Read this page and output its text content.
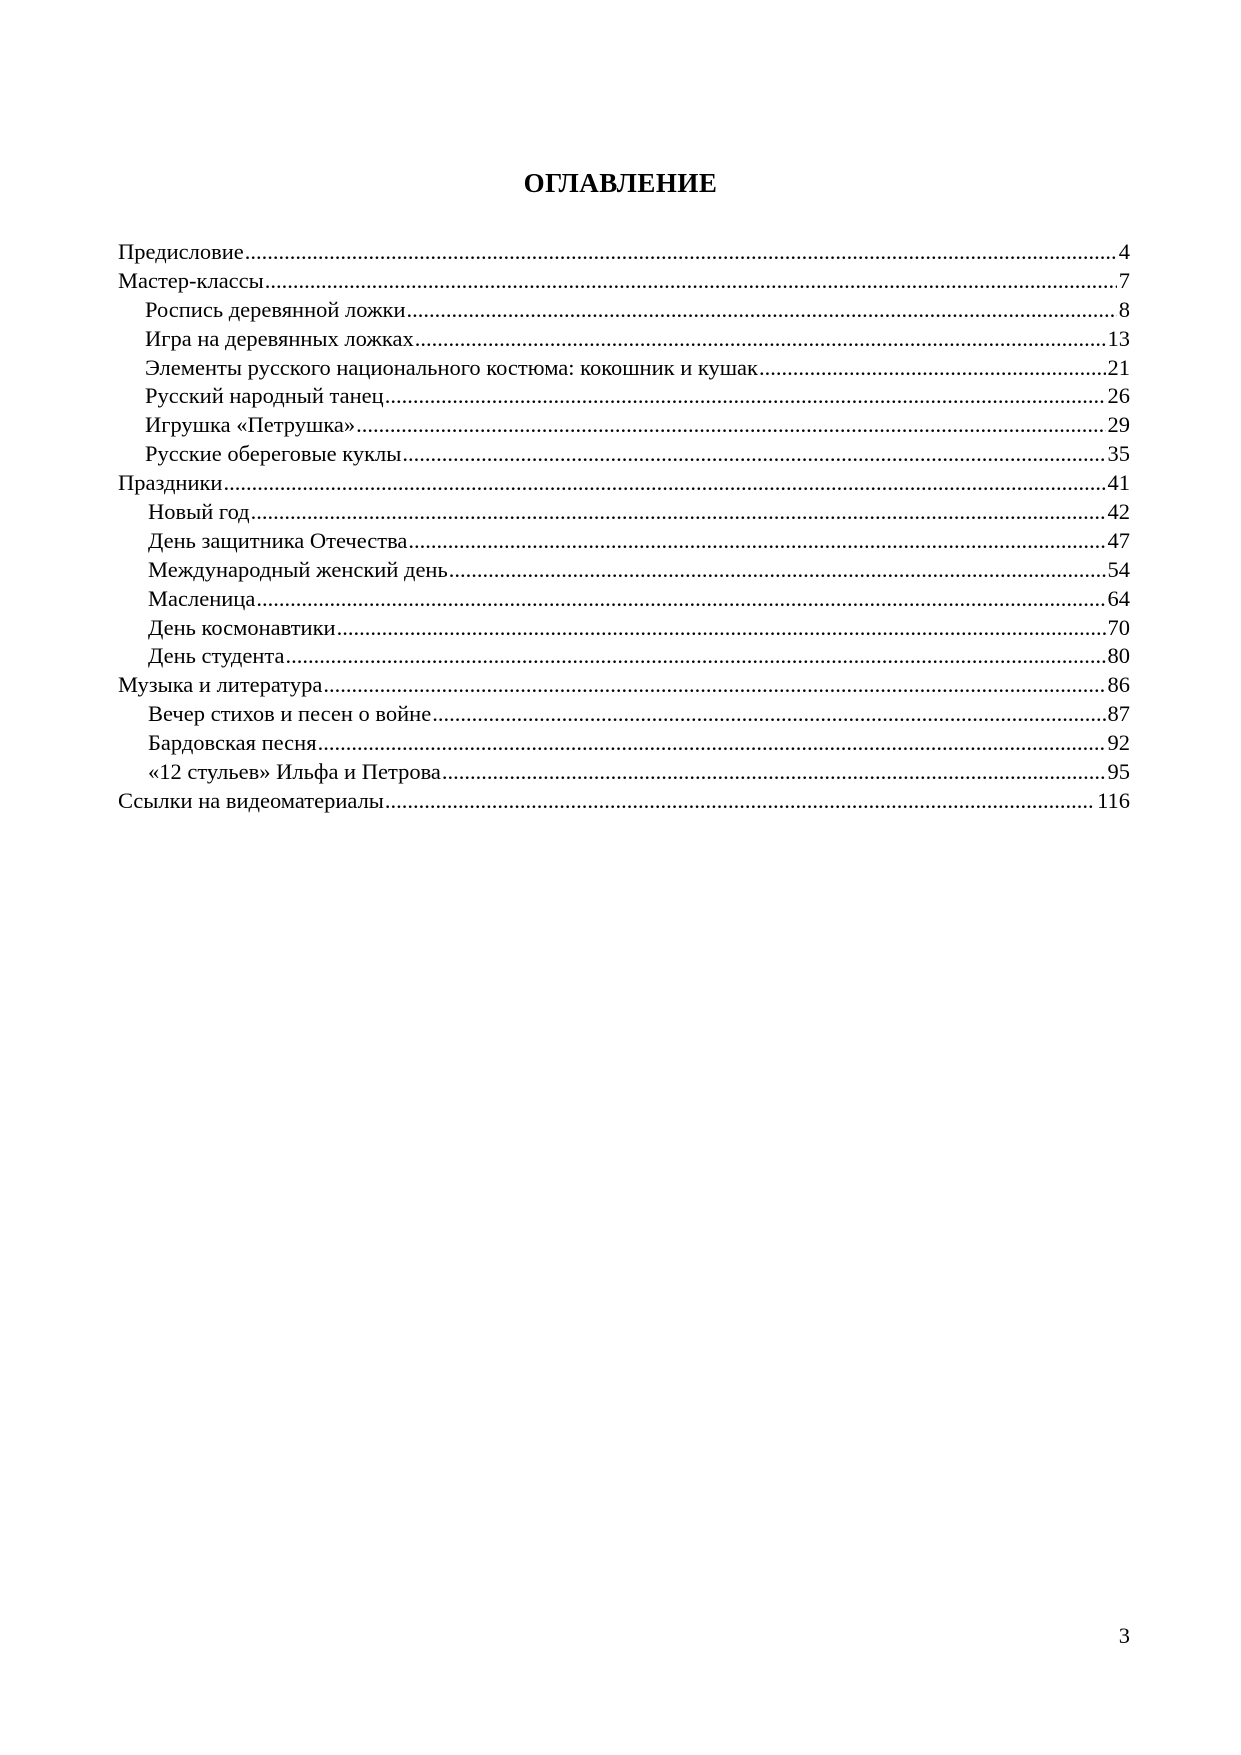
ОГЛАВЛЕНИЕ
Предисловие .....	4
Мастер-классы .....	7
Роспись деревянной ложки .....	8
Игра на деревянных ложках .....	13
Элементы русского национального костюма: кокошник и кушак .....	21
Русский народный танец .....	26
Игрушка «Петрушка» .....	29
Русские обереговые куклы .....	35
Праздники .....	41
Новый год .....	42
День защитника Отечества .....	47
Международный женский день .....	54
Масленица .....	64
День космонавтики .....	70
День студента .....	80
Музыка и литература .....	86
Вечер стихов и песен о войне .....	87
Бардовская песня .....	92
«12 стульев» Ильфа и Петрова .....	95
Ссылки на видеоматериалы .....	116
3
